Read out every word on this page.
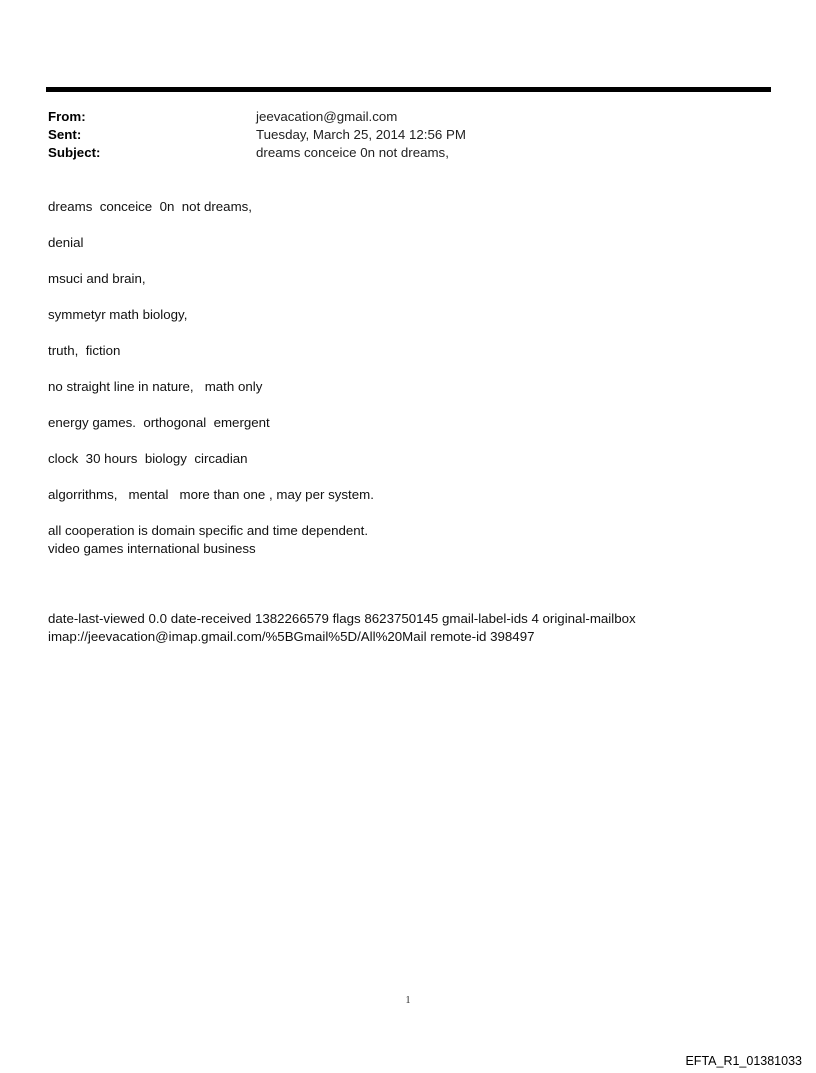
From:	jeevacation@gmail.com
Sent:	Tuesday, March 25, 2014 12:56 PM
Subject:	dreams conceice 0n not dreams,

dreams  conceice  0n  not dreams,

denial

msuci and brain,

symmetyr math biology,

truth,  fiction

no straight line in nature,   math only

energy games.  orthogonal  emergent

clock  30 hours  biology  circadian

algorrithms,   mental   more than one , may per system.

all cooperation is domain specific and time dependent.

video games international business

date-last-viewed 0.0 date-received 1382266579 flags 8623750145 gmail-label-ids 4 original-mailbox
imap://jeevacation@imap.gmail.com/%5BGmail%5D/All%20Mail remote-id 398497
1
EFTA_R1_01381033
